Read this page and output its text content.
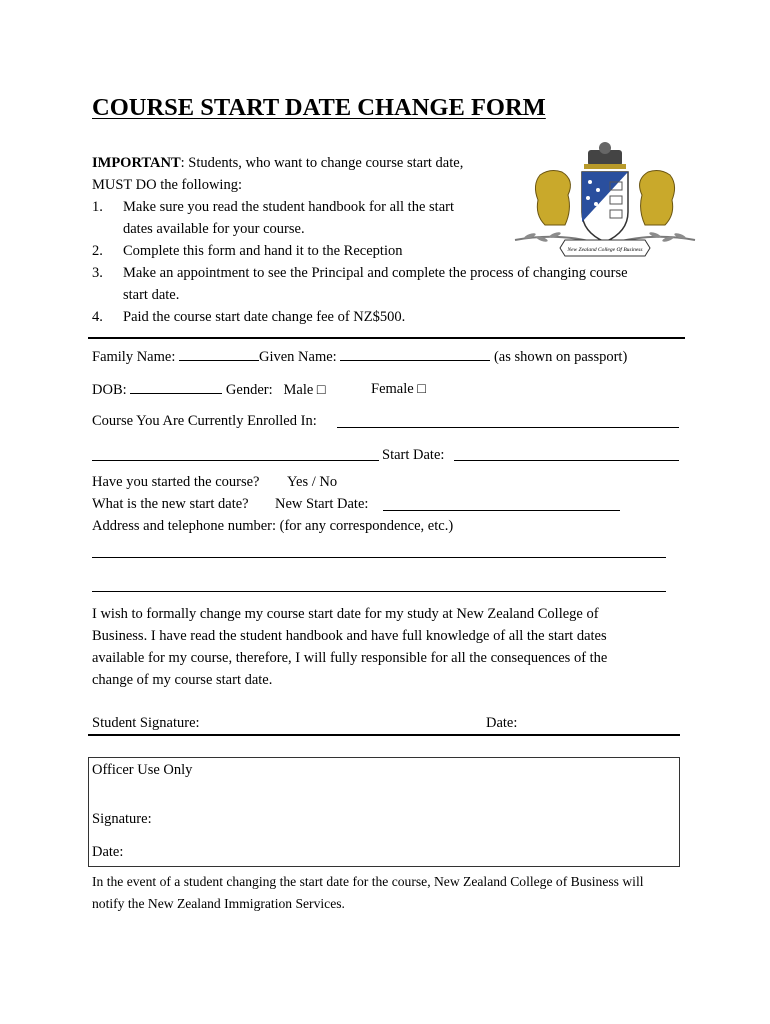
COURSE START DATE CHANGE FORM
IMPORTANT: Students, who want to change course start date,
MUST DO the following:
1. Make sure you read the student handbook for all the start
dates available for your course.
2. Complete this form and hand it to the Reception
3. Make an appointment to see the Principal and complete the process of changing course
start date.
4. Paid the course start date change fee of NZ$500.
New Zealand College Of Business
Family Name:	Given Name:	(as shown on passport)
DOB:	Gender: Male □	Female □
Course You Are Currently Enrolled In:
Start Date:
Have you started the course? Yes / No
What is the new start date? New Start Date:
Address and telephone number: (for any correspondence, etc.)
I wish to formally change my course start date for my study at New Zealand College of
Business. I have read the student handbook and have full knowledge of all the start dates
available for my course, therefore, I will fully responsible for all the consequences of the
change of my course start date.
Student Signature:	Date:
Officer Use Only
Signature:
Date:
In the event of a student changing the start date for the course, New Zealand College of Business will
notify the New Zealand Immigration Services.
